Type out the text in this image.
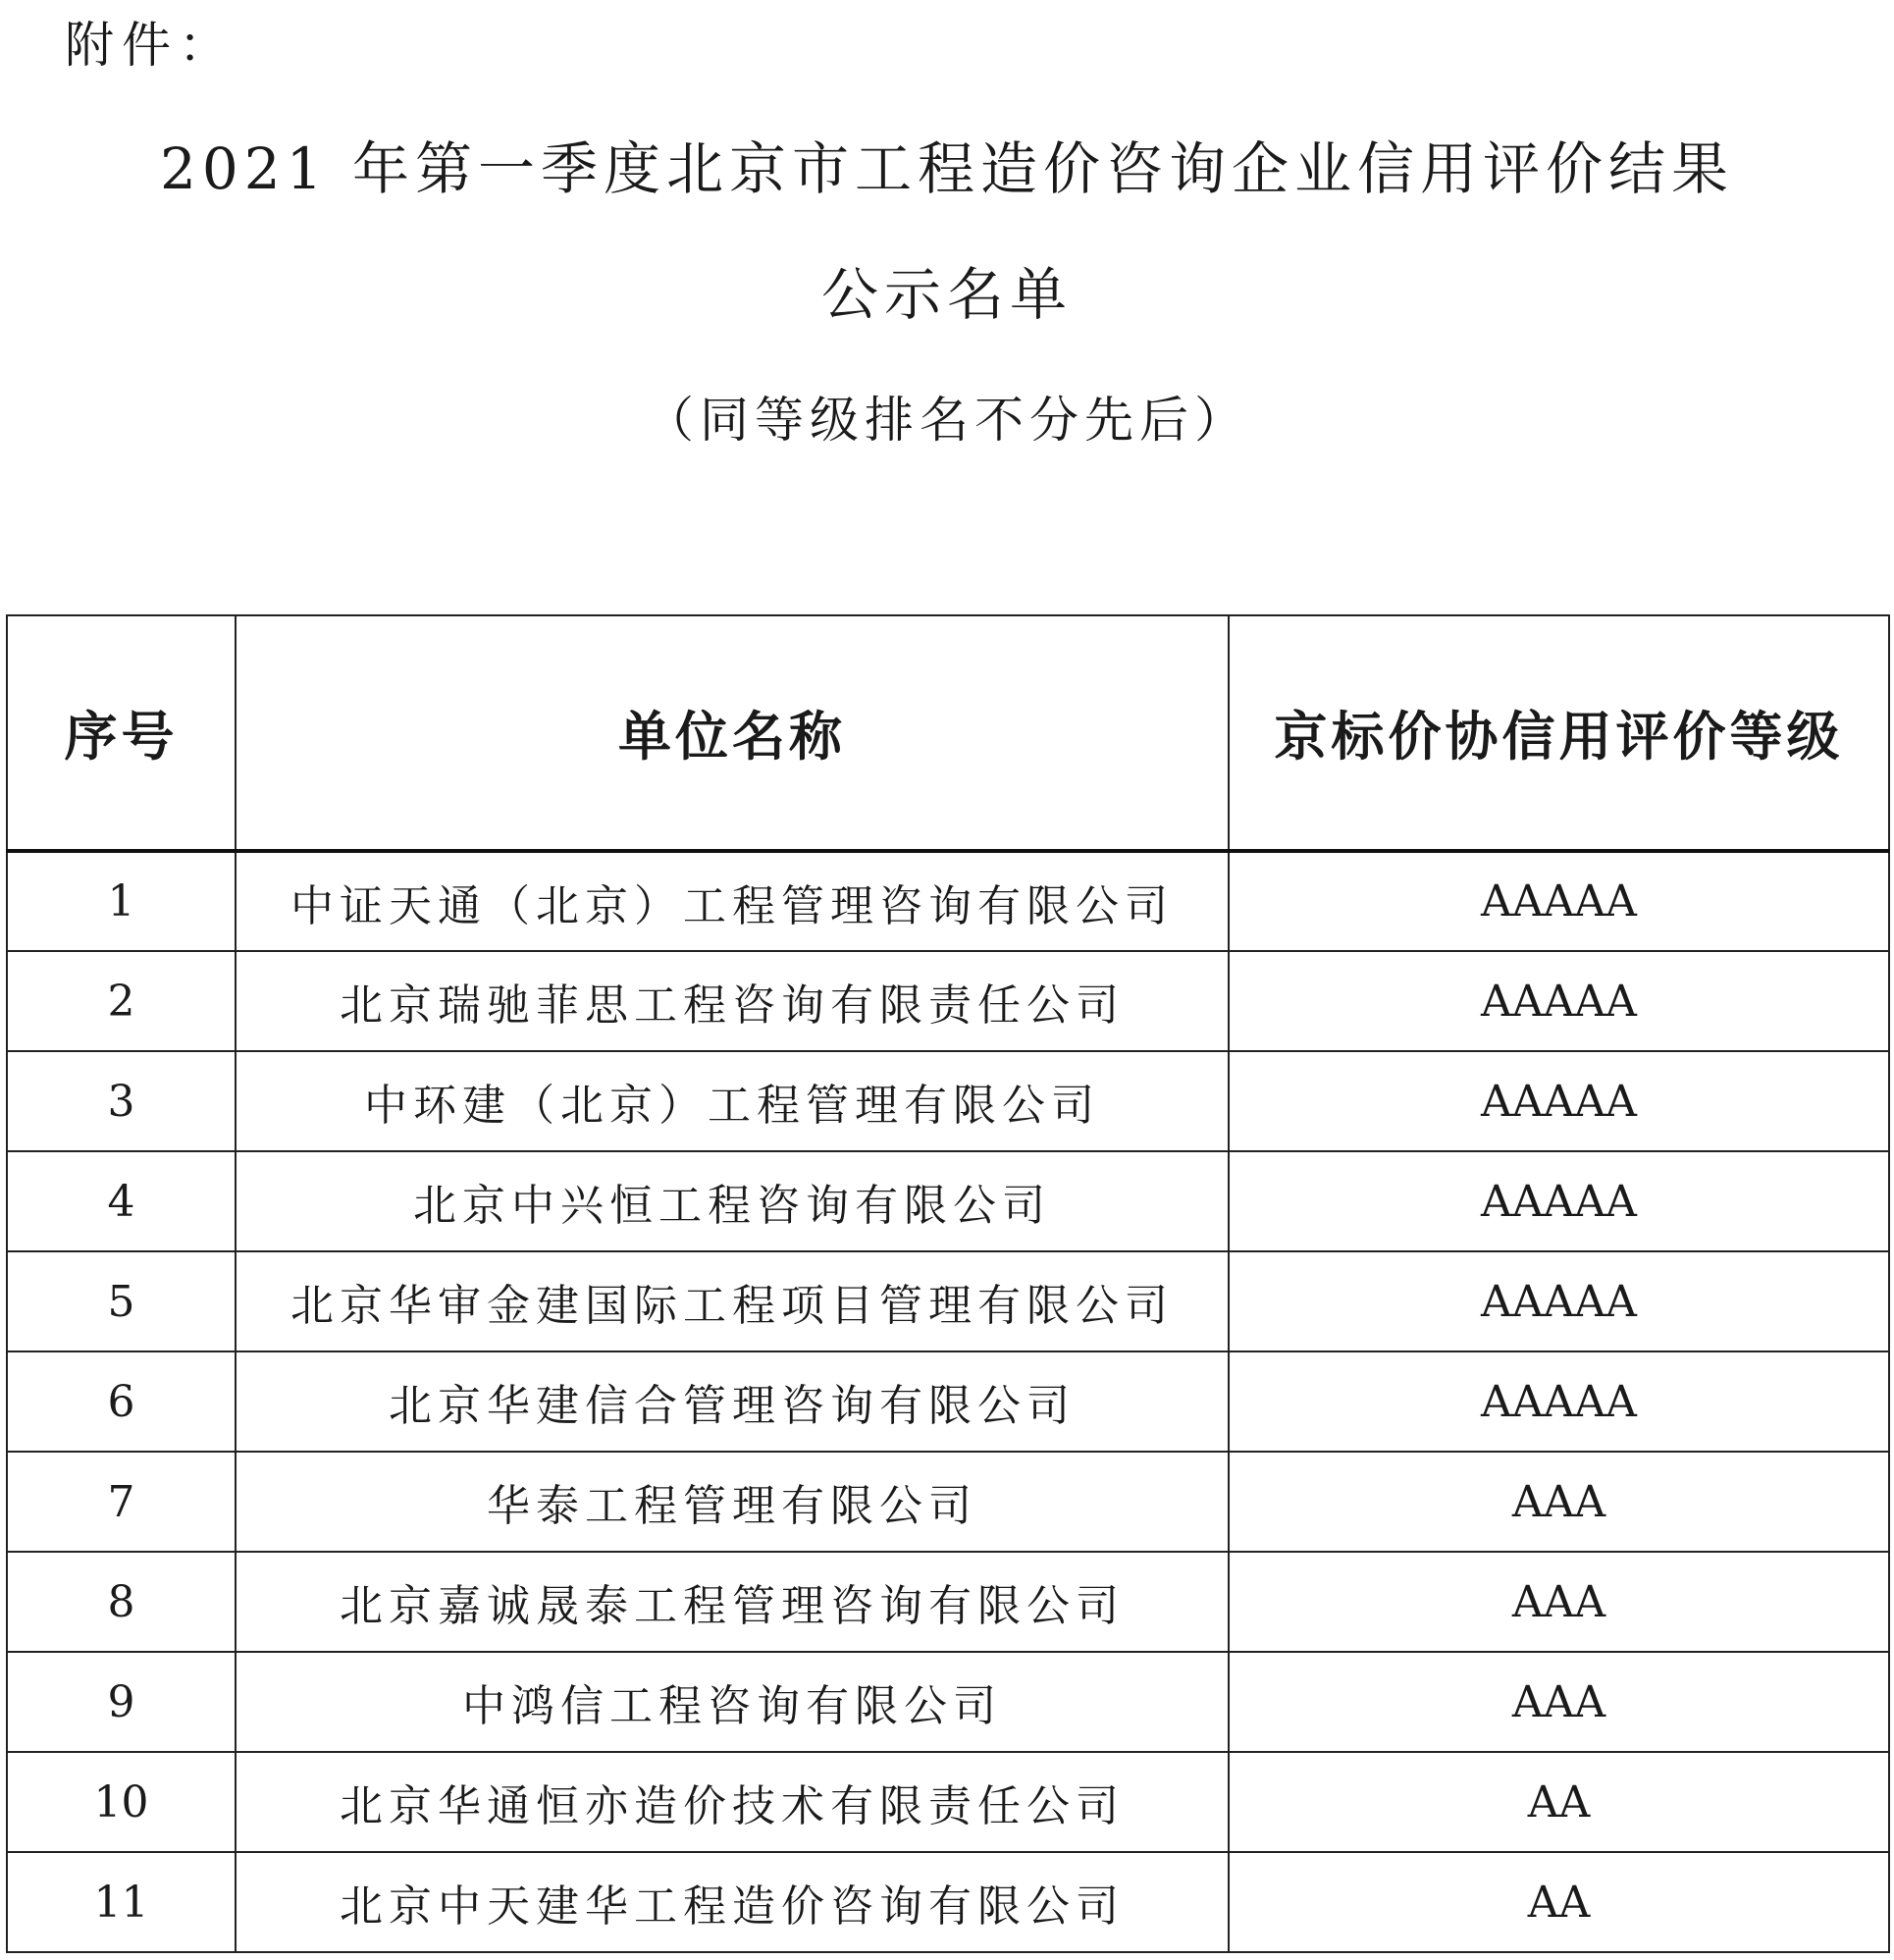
附件：
2021 年第一季度北京市工程造价咨询企业信用评价结果
公示名单
（同等级排名不分先后）
序号	单位名称	京标价协信用评价等级
1	中证天通（北京）工程管理咨询有限公司	AAAAA
2	北京瑞驰菲思工程咨询有限责任公司	AAAAA
3	中环建（北京）工程管理有限公司	AAAAA
4	北京中兴恒工程咨询有限公司	AAAAA
5	北京华审金建国际工程项目管理有限公司	AAAAA
6	北京华建信合管理咨询有限公司	AAAAA
7	华泰工程管理有限公司	AAA
8	北京嘉诚晟泰工程管理咨询有限公司	AAA
9	中鸿信工程咨询有限公司	AAA
10	北京华通恒亦造价技术有限责任公司	AA
11	北京中天建华工程造价咨询有限公司	AA
